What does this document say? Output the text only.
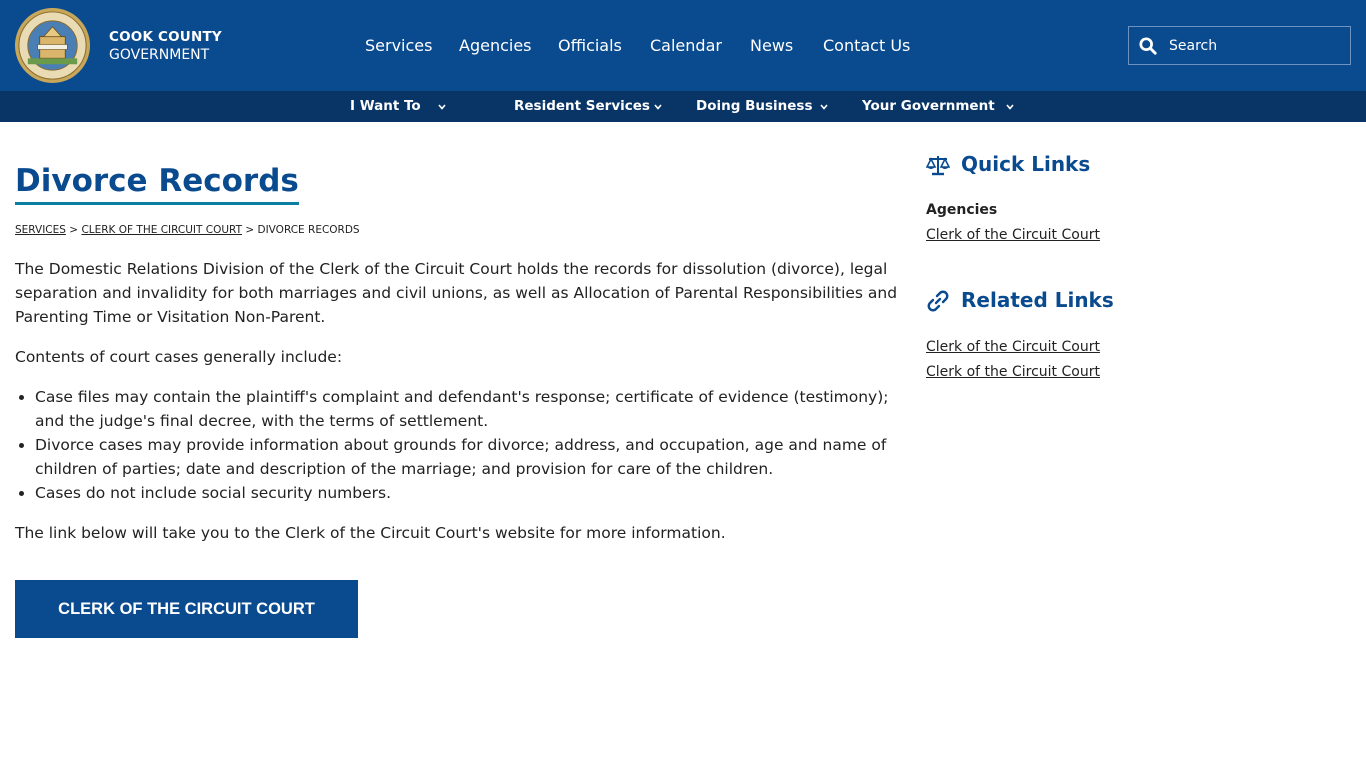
COOK COUNTY
GOVERNMENT	Services Agencies Officials Calendar News Contact Us
Search
I Want To	Resident Services	Doing Business	Your Government
Divorce Records
SERVICES > CLERK OF THE CIRCUIT COURT > DIVORCE RECORDS

The Domestic Relations Division of the Clerk of the Circuit Court holds the records for dissolution (divorce), legal separation and invalidity for both marriages and civil unions, as well as Allocation of Parental Responsibilities and Parenting Time or Visitation Non-Parent.

Contents of court cases generally include:

• Case files may contain the plaintiff's complaint and defendant's response; certificate of evidence (testimony); and the judge's final decree, with the terms of settlement.
• Divorce cases may provide information about grounds for divorce; address, and occupation, age and name of children of parties; date and description of the marriage; and provision for care of the children.
• Cases do not include social security numbers.

The link below will take you to the Clerk of the Circuit Court's website for more information.

CLERK OF THE CIRCUIT COURT
Quick Links
Agencies
Clerk of the Circuit Court
Related Links
Clerk of the Circuit Court
Clerk of the Circuit Court
